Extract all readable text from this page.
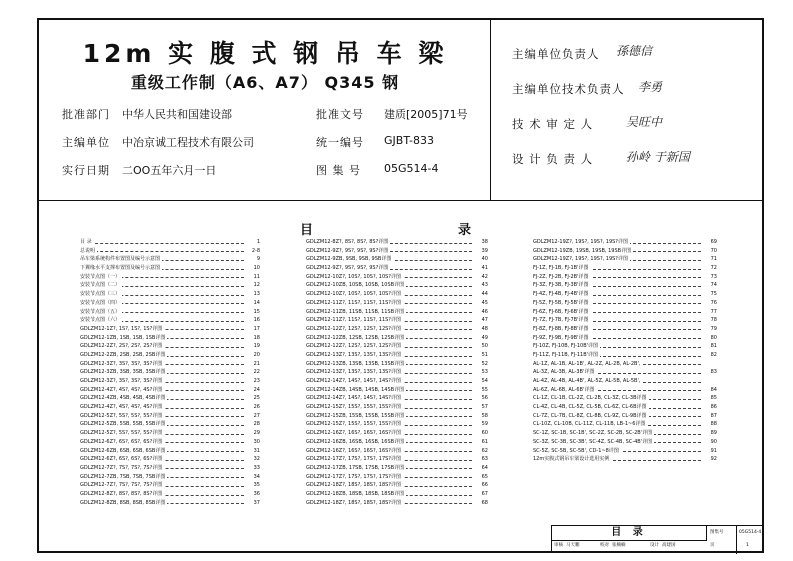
12m 实 腹 式 钢 吊 车 梁
重级工作制（A6、A7） Q345 钢
批准部门 中华人民共和国建设部	批准文号 建质[2005]71号
主编单位 中冶京诚工程技术有限公司	统一编号 GJBT-833
实行日期 二OO五年六月一日	图 集 号 05G514-4
主编单位负责人 孫德信
主编单位技术负责人 李勇
技 术 审 定 人	吴旺中
设 计 负 责 人	孙岭 于新国
目	录
目 录	1
总说明	2-8
吊车梁系统构件布置图及编号示意图	9
下翼缘水平支撑布置图及编号示意图	10
安装节点图（一）	11
安装节点图（二）	12
安装节点图（三）	13
安装节点图（四）	14
安装节点图（五）	15
安装节点图（六）	16
GDLZM12-1Z?, 1S?, 1S?, 1S?详图	17
GDLZM12-1ZB, 1SB, 1SB, 1SB详图	18
GDLZM12-2Z?, 2S?, 2S?, 2S?详图	19
GDLZM12-2ZB, 2SB, 2SB, 2SB详图	20
GDLZM12-3Z?, 3S?, 3S?, 3S?详图	21
GDLZM12-3ZB, 3SB, 3SB, 3SB详图	22
GDLZM12-3Z?, 3S?, 3S?, 3S?详图	23
GDLZM12-4Z?, 4S?, 4S?, 4S?详图	24
GDLZM12-4ZB, 4SB, 4SB, 4SB详图	25
GDLZM12-4Z?, 4S?, 4S?, 4S?详图	26
GDLZM12-5Z?, 5S?, 5S?, 5S?详图	27
GDLZM12-5ZB, 5SB, 5SB, 5SB详图	28
GDLZM12-5Z?, 5S?, 5S?, 5S?详图	29
GDLZM12-6Z?, 6S?, 6S?, 6S?详图	30
GDLZM12-6ZB, 6SB, 6SB, 6SB详图	31
GDLZM12-6Z?, 6S?, 6S?, 6S?详图	32
GDLZM12-7Z?, 7S?, 7S?, 7S?详图	33
GDLZM12-7ZB, 7SB, 7SB, 7SB详图	34
GDLZM12-7Z?, 7S?, 7S?, 7S?详图	35
GDLZM12-8Z?, 8S?, 8S?, 8S?详图	36
GDLZM12-8ZB, 8SB, 8SB, 8SB详图	37
GDLZM12-8Z?, 8S?, 8S?, 8S?详图	38
GDLZM12-9Z?, 9S?, 9S?, 9S?详图	39
GDLZM12-9ZB, 9SB, 9SB, 9SB详图	40
GDLZM12-9Z?, 9S?, 9S?, 9S?详图	41
GDLZM12-10Z?, 10S?, 10S?, 10S?详图	42
GDLZM12-10ZB, 10SB, 10SB, 10SB详图	43
GDLZM12-10Z?, 10S?, 10S?, 10S?详图	44
GDLZM12-11Z?, 11S?, 11S?, 11S?详图	45
GDLZM12-11ZB, 11SB, 11SB, 11SB详图	46
GDLZM12-11Z?, 11S?, 11S?, 11S?详图	47
GDLZM12-12Z?, 12S?, 12S?, 12S?详图	48
GDLZM12-12ZB, 12SB, 12SB, 12SB详图	49
GDLZM12-12Z?, 12S?, 12S?, 12S?详图	50
GDLZM12-13Z?, 13S?, 13S?, 13S?详图	51
GDLZM12-13ZB, 13SB, 13SB, 13SB详图	52
GDLZM12-13Z?, 13S?, 13S?, 13S?详图	53
GDLZM12-14Z?, 14S?, 14S?, 14S?详图	54
GDLZM12-14ZB, 14SB, 14SB, 14SB详图	55
GDLZM12-14Z?, 14S?, 14S?, 14S?详图	56
GDLZM12-15Z?, 15S?, 15S?, 15S?详图	57
GDLZM12-15ZB, 15SB, 15SB, 15SB详图	58
GDLZM12-15Z?, 15S?, 15S?, 15S?详图	59
GDLZM12-16Z?, 16S?, 16S?, 16S?详图	60
GDLZM12-16ZB, 16SB, 16SB, 16SB详图	61
GDLZM12-16Z?, 16S?, 16S?, 16S?详图	62
GDLZM12-17Z?, 17S?, 17S?, 17S?详图	63
GDLZM12-17ZB, 17SB, 17SB, 17SB详图	64
GDLZM12-17Z?, 17S?, 17S?, 17S?详图	65
GDLZM12-18Z?, 18S?, 18S?, 18S?详图	66
GDLZM12-18ZB, 18SB, 18SB, 18SB详图	67
GDLZM12-18Z?, 18S?, 18S?, 18S?详图	68
GDLZM12-19Z?, 19S?, 19S?, 19S?详图	69
GDLZM12-19ZB, 19SB, 19SB, 19SB详图	70
GDLZM12-19Z?, 19S?, 19S?, 19S?详图	71
FJ-1Z, FJ-1B, FJ-1B'详图	72
FJ-2Z, FJ-2B, FJ-2B'详图	73
FJ-3Z, FJ-3B, FJ-3B'详图	74
FJ-4Z, FJ-4B, FJ-4B'详图	75
FJ-5Z, FJ-5B, FJ-5B'详图	76
FJ-6Z, FJ-6B, FJ-6B'详图	77
FJ-7Z, FJ-7B, FJ-7B'详图	78
FJ-8Z, FJ-8B, FJ-8B'详图	79
FJ-9Z, FJ-9B, FJ-9B'详图	80
FJ-10Z, FJ-10B, FJ-10B'详图	81
FJ-11Z, FJ-11B, FJ-11B'详图	82
AL-1Z, AL-1B, AL-1B', AL-2Z, AL-2B, AL-2B',
AL-3Z, AL-3B, AL-3B'详图	83
AL-4Z, AL-4B, AL-4B', AL-5Z, AL-5B, AL-5B',
AL-6Z, AL-6B, AL-6B'详图	84
CL-1Z, CL-1B, CL-2Z, CL-2B, CL-3Z, CL-3B详图	85
CL-4Z, CL-4B, CL-5Z, CL-5B, CL-6Z, CL-6B详图	86
CL-7Z, CL-7B, CL-8Z, CL-8B, CL-9Z, CL-9B详图	87
CL-10Z, CL-10B, CL-11Z, CL-11B, LB-1~6详图	88
SC-1Z, SC-1B, SC-1B', SC-2Z, SC-2B, SC-2B'详图	89
SC-3Z, SC-3B, SC-3B', SC-4Z, SC-4B, SC-4B'详图	90
SC-5Z, SC-5B, SC-5B', CD-1~8详图	91
12m实腹式钢吊车梁设计选用实例	92
目 录	图集号	05G514-4
审核 马天鹏	校对 张楠楠	设计 高建国	页	1
